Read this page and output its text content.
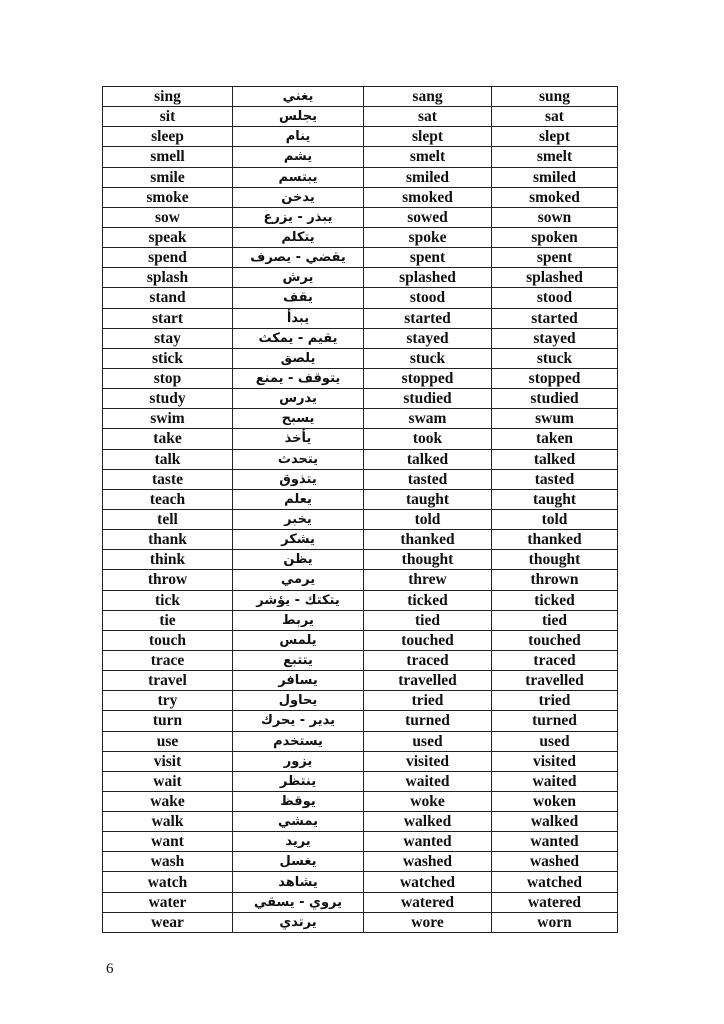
sing	يغني	sang	sung
sit	يجلس	sat	sat
sleep	ينام	slept	slept
smell	يشم	smelt	smelt
smile	يبتسم	smiled	smiled
smoke	يدخن	smoked	smoked
sow	يبذر - يزرع	sowed	sown
speak	يتكلم	spoke	spoken
spend	يقضي - يصرف	spent	spent
splash	يرش	splashed	splashed
stand	يقف	stood	stood
start	يبدأ	started	started
stay	يقيم - يمكث	stayed	stayed
stick	يلصق	stuck	stuck
stop	يتوقف - يمنع	stopped	stopped
study	يدرس	studied	studied
swim	يسبح	swam	swum
take	يأخذ	took	taken
talk	يتحدث	talked	talked
taste	يتذوق	tasted	tasted
teach	يعلم	taught	taught
tell	يخبر	told	told
thank	يشكر	thanked	thanked
think	يظن	thought	thought
throw	يرمي	threw	thrown
tick	يتكتك - يؤشر	ticked	ticked
tie	يربط	tied	tied
touch	يلمس	touched	touched
trace	يتتبع	traced	traced
travel	يسافر	travelled	travelled
try	يحاول	tried	tried
turn	يدير - يحرك	turned	turned
use	يستخدم	used	used
visit	يزور	visited	visited
wait	ينتظر	waited	waited
wake	يوقظ	woke	woken
walk	يمشي	walked	walked
want	يريد	wanted	wanted
wash	يغسل	washed	washed
watch	يشاهد	watched	watched
water	يروي - يسقي	watered	watered
wear	يرتدي	wore	worn
6
